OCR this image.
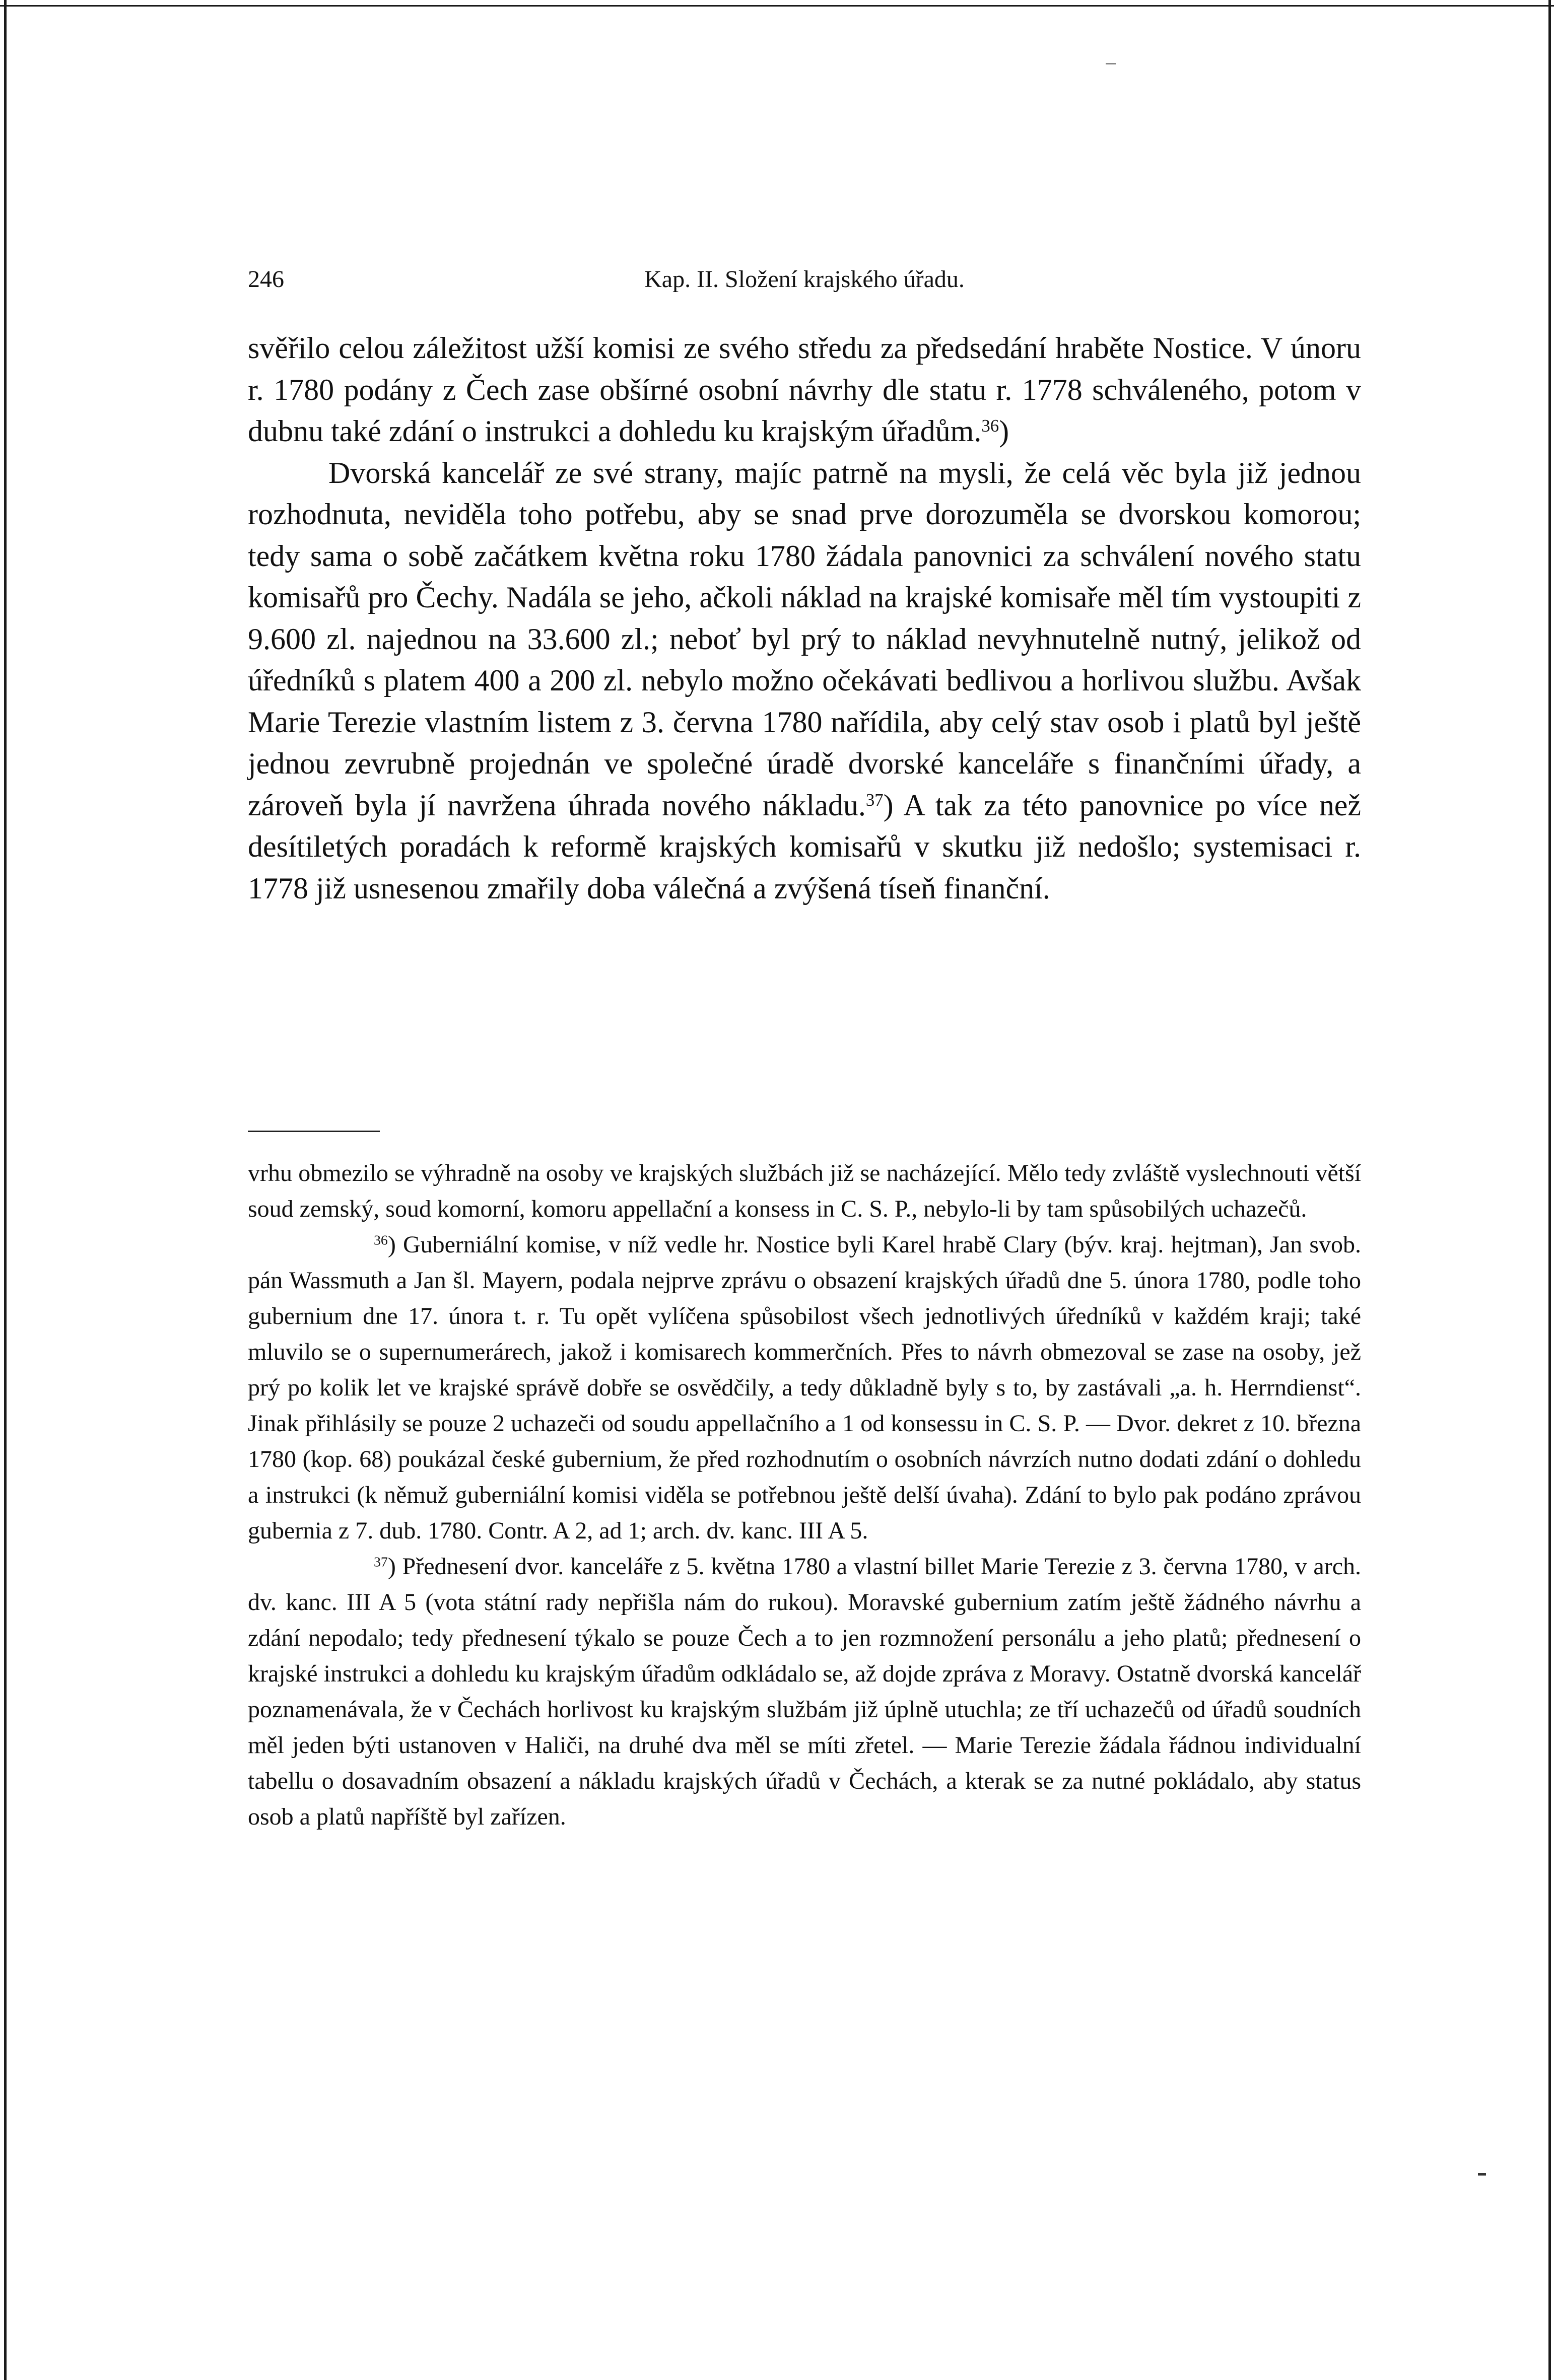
246	Kap. II. Složení krajského úřadu.

svěřilo celou záležitost užší komisi ze svého středu za předsedání hraběte Nostice. V únoru r. 1780 podány z Čech zase obšírné osobní návrhy dle statu r. 1778 schváleného, potom v dubnu také zdání o instrukci a dohledu ku krajským úřadům.$^{36}$)

Dvorská kancelář ze své strany, majíc patrně na mysli, že celá věc byla již jednou rozhodnuta, neviděla toho potřebu, aby se snad prve dorozuměla se dvorskou komorou; tedy sama o sobě začátkem května roku 1780 žádala panovnici za schválení nového statu komisařů pro Čechy. Nadála se jeho, ačkoli náklad na krajské komisaře měl tím vystoupiti z 9.600 zl. najednou na 33.600 zl.; neboť byl prý to náklad nevyhnutelně nutný, jelikož od úředníků s platem 400 a 200 zl. nebylo možno očekávati bedlivou a horlivou službu. Avšak Marie Terezie vlastním listem z 3. června 1780 nařídila, aby celý stav osob i platů byl ještě jednou zevrubně projednán ve společné úradě dvorské kanceláře s finančními úřady, a zároveň byla jí navržena úhrada nového nákladu.$^{37}$) A tak za této panovnice po více než desítiletých poradách k reformě krajských komisařů v skutku již nedošlo; systemisaci r. 1778 již usnesenou zmařily doba válečná a zvýšená tíseň finanční.

vrhu obmezilo se výhradně na osoby ve krajských službách již se nacházející. Mělo tedy zvláště vyslechnouti větší soud zemský, soud komorní, komoru appellační a konsess in C. S. P., nebylo-li by tam spůsobilých uchazečů.

$^{36}$) Guberniální komise, v níž vedle hr. Nostice byli Karel hrabě Clary (býv. kraj. hejtman), Jan svob. pán Wassmuth a Jan šl. Mayern, podala nejprve zprávu o obsazení krajských úřadů dne 5. února 1780, podle toho gubernium dne 17. února t. r. Tu opět vylíčena spůsobilost všech jednotlivých úředníků v každém kraji; také mluvilo se o supernumerárech, jakož i komisarech kommerčních. Přes to návrh obmezoval se zase na osoby, jež prý po kolik let ve krajské správě dobře se osvědčily, a tedy důkladně byly s to, by zastávali „a. h. Herrndienst“. Jinak přihlásily se pouze 2 uchazeči od soudu appellačního a 1 od konsessu in C. S. P. — Dvor. dekret z 10. března 1780 (kop. 68) poukázal české gubernium, že před rozhodnutím o osobních návrzích nutno dodati zdání o dohledu a instrukci (k němuž guberniální komisi viděla se potřebnou ještě delší úvaha). Zdání to bylo pak podáno zprávou gubernia z 7. dub. 1780. Contr. A 2, ad 1; arch. dv. kanc. III A 5.

$^{37}$) Přednesení dvor. kanceláře z 5. května 1780 a vlastní billet Marie Terezie z 3. června 1780, v arch. dv. kanc. III A 5 (vota státní rady nepřišla nám do rukou). Moravské gubernium zatím ještě žádného návrhu a zdání nepodalo; tedy přednesení týkalo se pouze Čech a to jen rozmnožení personálu a jeho platů; přednesení o krajské instrukci a dohledu ku krajským úřadům odkládalo se, až dojde zpráva z Moravy. Ostatně dvorská kancelář poznamenávala, že v Čechách horlivost ku krajským službám již úplně utuchla; ze tří uchazečů od úřadů soudních měl jeden býti ustanoven v Haliči, na druhé dva měl se míti zřetel. — Marie Terezie žádala řádnou individualní tabellu o dosavadním obsazení a nákladu krajských úřadů v Čechách, a kterak se za nutné pokládalo, aby status osob a platů napříště byl zařízen.
